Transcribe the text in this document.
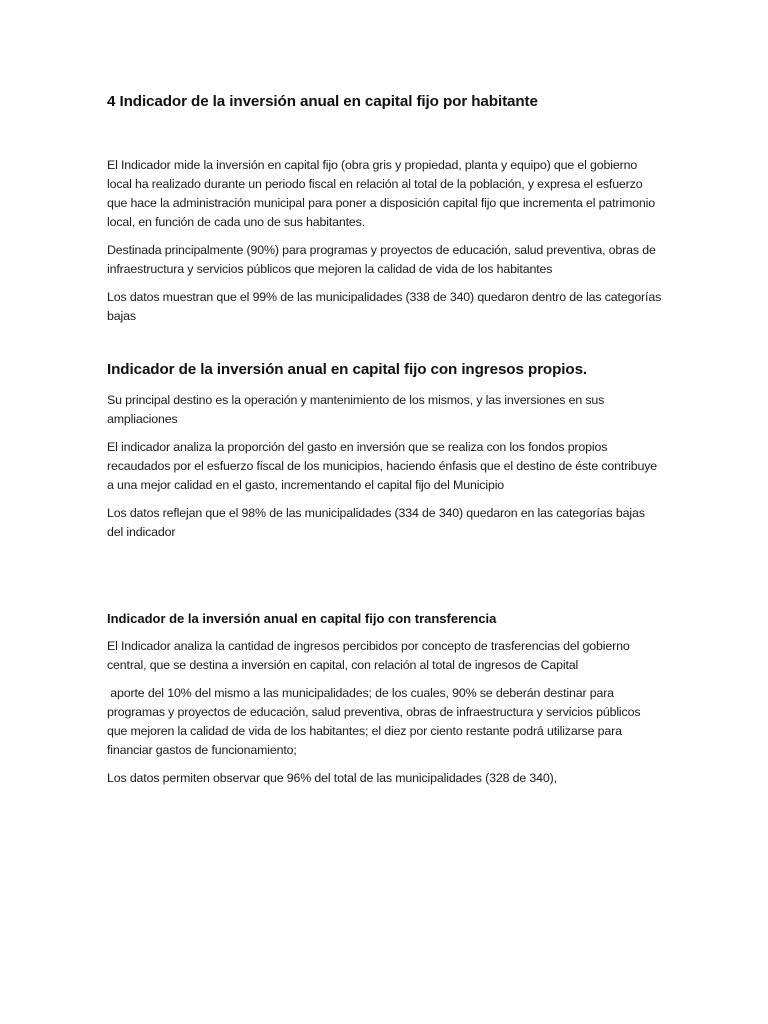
4 Indicador de la inversión anual en capital fijo por habitante

El Indicador mide la inversión en capital fijo (obra gris y propiedad, planta y equipo) que el gobierno local ha realizado durante un periodo fiscal en relación al total de la población, y expresa el esfuerzo que hace la administración municipal para poner a disposición capital fijo que incrementa el patrimonio local, en función de cada uno de sus habitantes.

Destinada principalmente (90%) para programas y proyectos de educación, salud preventiva, obras de infraestructura y servicios públicos que mejoren la calidad de vida de los habitantes

Los datos muestran que el 99% de las municipalidades (338 de 340) quedaron dentro de las categorías bajas

Indicador de la inversión anual en capital fijo con ingresos propios.

Su principal destino es la operación y mantenimiento de los mismos, y las inversiones en sus ampliaciones

El indicador analiza la proporción del gasto en inversión que se realiza con los fondos propios recaudados por el esfuerzo fiscal de los municipios, haciendo énfasis que el destino de éste contribuye a una mejor calidad en el gasto, incrementando el capital fijo del Municipio

Los datos reflejan que el 98% de las municipalidades (334 de 340) quedaron en las categorías bajas del indicador

Indicador de la inversión anual en capital fijo con transferencia

El Indicador analiza la cantidad de ingresos percibidos por concepto de trasferencias del gobierno central, que se destina a inversión en capital, con relación al total de ingresos de Capital

aporte del 10% del mismo a las municipalidades; de los cuales, 90% se deberán destinar para programas y proyectos de educación, salud preventiva, obras de infraestructura y servicios públicos que mejoren la calidad de vida de los habitantes; el diez por ciento restante podrá utilizarse para financiar gastos de funcionamiento;

Los datos permiten observar que 96% del total de las municipalidades (328 de 340),
